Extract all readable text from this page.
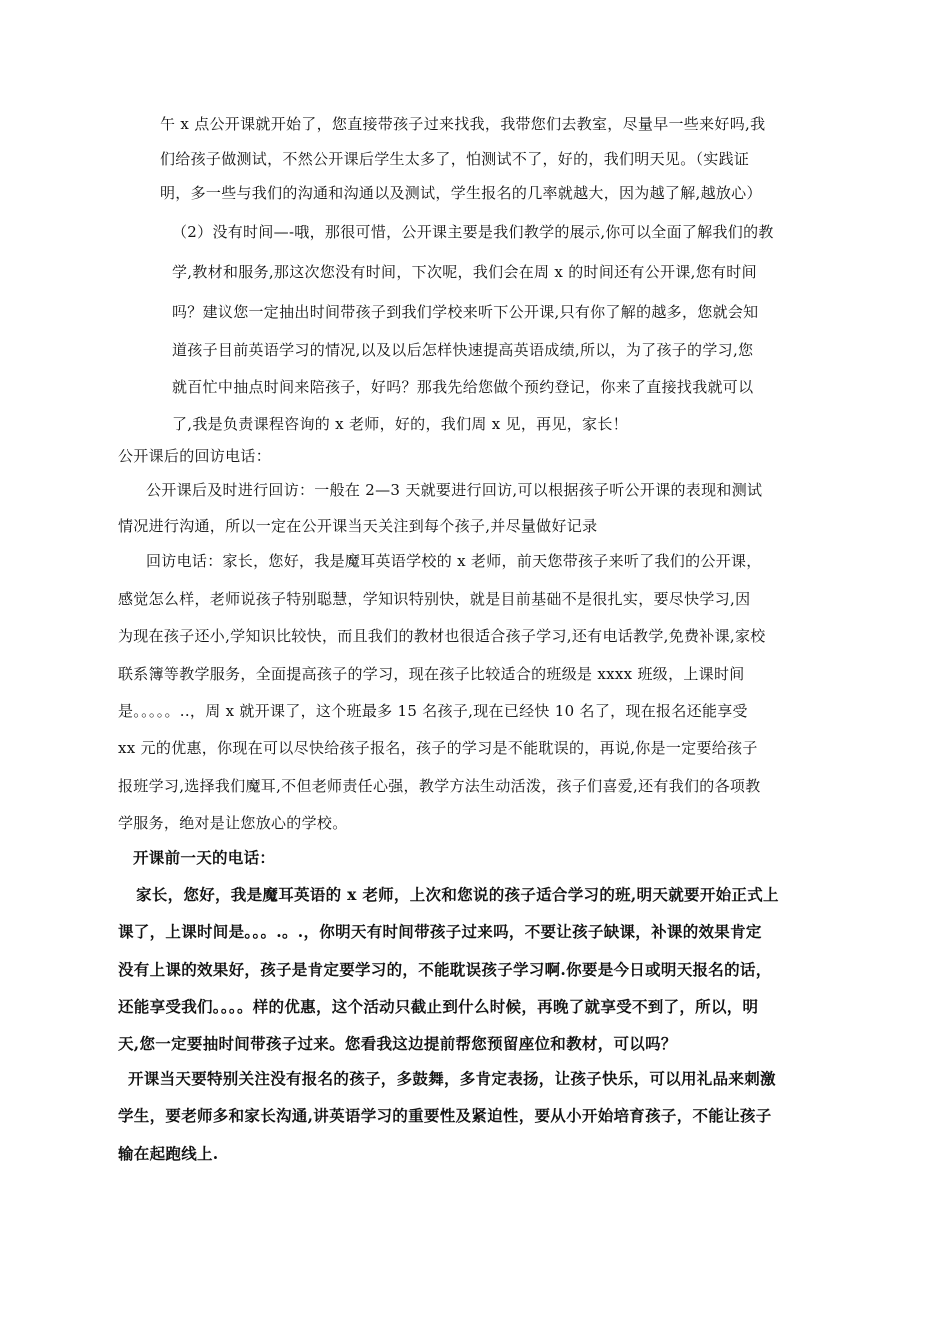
午 x 点公开课就开始了，您直接带孩子过来找我，我带您们去教室，尽量早一些来好吗,我
们给孩子做测试，不然公开课后学生太多了，怕测试不了，好的，我们明天见。（实践证
明，多一些与我们的沟通和沟通以及测试，学生报名的几率就越大，因为越了解,越放心）
（2）没有时间—-哦，那很可惜，公开课主要是我们教学的展示,你可以全面了解我们的教
学,教材和服务,那这次您没有时间，下次呢，我们会在周 x 的时间还有公开课,您有时间
吗？建议您一定抽出时间带孩子到我们学校来听下公开课,只有你了解的越多，您就会知
道孩子目前英语学习的情况,以及以后怎样快速提高英语成绩,所以，为了孩子的学习,您
就百忙中抽点时间来陪孩子，好吗？那我先给您做个预约登记，你来了直接找我就可以
了,我是负责课程咨询的 x 老师，好的，我们周 x 见，再见，家长！
公开课后的回访电话：
公开课后及时进行回访：一般在 2—3 天就要进行回访,可以根据孩子听公开课的表现和测试
情况进行沟通，所以一定在公开课当天关注到每个孩子,并尽量做好记录
回访电话：家长，您好，我是魔耳英语学校的 x 老师，前天您带孩子来听了我们的公开课，
感觉怎么样，老师说孩子特别聪慧，学知识特别快，就是目前基础不是很扎实，要尽快学习,因
为现在孩子还小,学知识比较快，而且我们的教材也很适合孩子学习,还有电话教学,免费补课,家校
联系簿等教学服务，全面提高孩子的学习，现在孩子比较适合的班级是 xxxx 班级，上课时间
是。。。。。..，周 x 就开课了，这个班最多 15 名孩子,现在已经快 10 名了，现在报名还能享受
xx 元的优惠，你现在可以尽快给孩子报名，孩子的学习是不能耽误的，再说,你是一定要给孩子
报班学习,选择我们魔耳,不但老师责任心强，教学方法生动活泼，孩子们喜爱,还有我们的各项教
学服务，绝对是让您放心的学校。
开课前一天的电话：
家长，您好，我是魔耳英语的 x 老师，上次和您说的孩子适合学习的班,明天就要开始正式上
课了，上课时间是。。。.。.，你明天有时间带孩子过来吗，不要让孩子缺课，补课的效果肯定
没有上课的效果好，孩子是肯定要学习的，不能耽误孩子学习啊.你要是今日或明天报名的话，
还能享受我们。。。。样的优惠，这个活动只截止到什么时候，再晚了就享受不到了，所以，明
天,您一定要抽时间带孩子过来。您看我这边提前帮您预留座位和教材，可以吗？
开课当天要特别关注没有报名的孩子，多鼓舞，多肯定表扬，让孩子快乐，可以用礼品来刺激
学生，要老师多和家长沟通,讲英语学习的重要性及紧迫性，要从小开始培育孩子，不能让孩子
输在起跑线上.
